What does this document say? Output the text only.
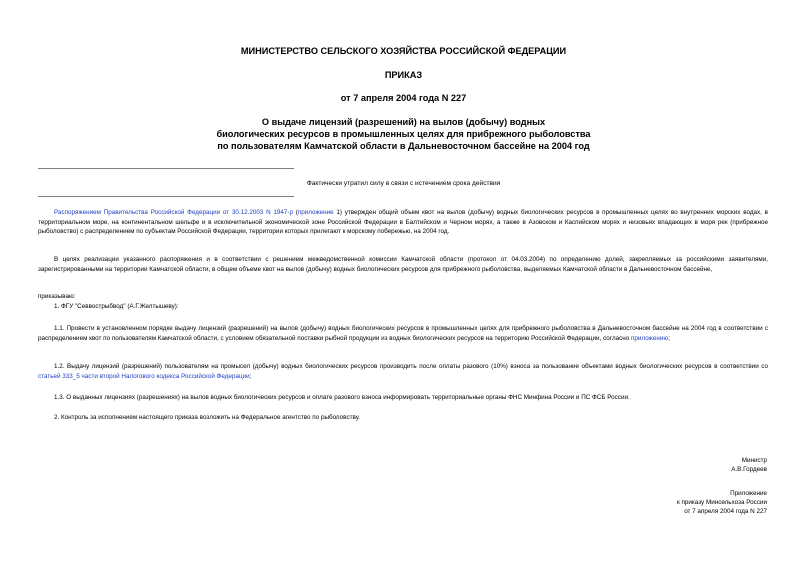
МИНИСТЕРСТВО СЕЛЬСКОГО ХОЗЯЙСТВА РОССИЙСКОЙ ФЕДЕРАЦИИ
ПРИКАЗ
от 7 апреля 2004 года N 227
О выдаче лицензий (разрешений) на вылов (добычу) водных
биологических ресурсов в промышленных целях для прибрежного рыболовства
по пользователям Камчатской области в Дальневосточном бассейне на 2004 год
Фактически утратил силу в связи с истечением срока действия
Распоряжением Правительства Российской Федерации от 30.12.2003 N 1947-р (приложение 1) утвержден общий объем квот на вылов (добычу) водных биологических ресурсов в промышленных целях во внутренних морских водах, в территориальном море, на континентальном шельфе и в исключительной экономической зоне Российской Федерации в Балтийском и Черном морях, а также в Азовском и Каспийском морях и низовьях впадающих в моря рек (прибрежное рыболовство) с распределением по субъектам Российской Федерации, территории которых прилегают к морскому побережью, на 2004 год.
В целях реализации указанного распоряжения и в соответствии с решением межведомственной комиссии Камчатской области (протокол от 04.03.2004) по определению долей, закрепляемых за российскими заявителями, зарегистрированными на территории Камчатской области, в общем объеме квот на вылов (добычу) водных биологических ресурсов для прибрежного рыболовства, выделяемых Камчатской области в Дальневосточном бассейне,
приказываю:
1. ФГУ "Севвострыбвод" (А.Г.Желтышеву):
1.1. Провести в установленном порядке выдачу лицензий (разрешений) на вылов (добычу) водных биологических ресурсов в промышленных целях для прибрежного рыболовства в Дальневосточном бассейне на 2004 год в соответствии с распределением квот по пользователям Камчатской области, с условием обязательной поставки рыбной продукции из водных биологических ресурсов на территорию Российской Федерации, согласно приложению;
1.2. Выдачу лицензий (разрешений) пользователям на промысел (добычу) водных биологических ресурсов производить после оплаты разового (10%) взноса за пользование объектами водных биологических ресурсов в соответствии со статьей 333_5 части второй Налогового кодекса Российской Федерации;
1.3. О выданных лицензиях (разрешениях) на вылов водных биологических ресурсов и оплате разового взноса информировать территориальные органы ФНС Минфина России и ПС ФСБ России.
2. Контроль за исполнением настоящего приказа возложить на Федеральное агентство по рыболовству.
Министр
А.В.Гордеев
Приложение
к приказу Минсельхоза России
от 7 апреля 2004 года N 227
